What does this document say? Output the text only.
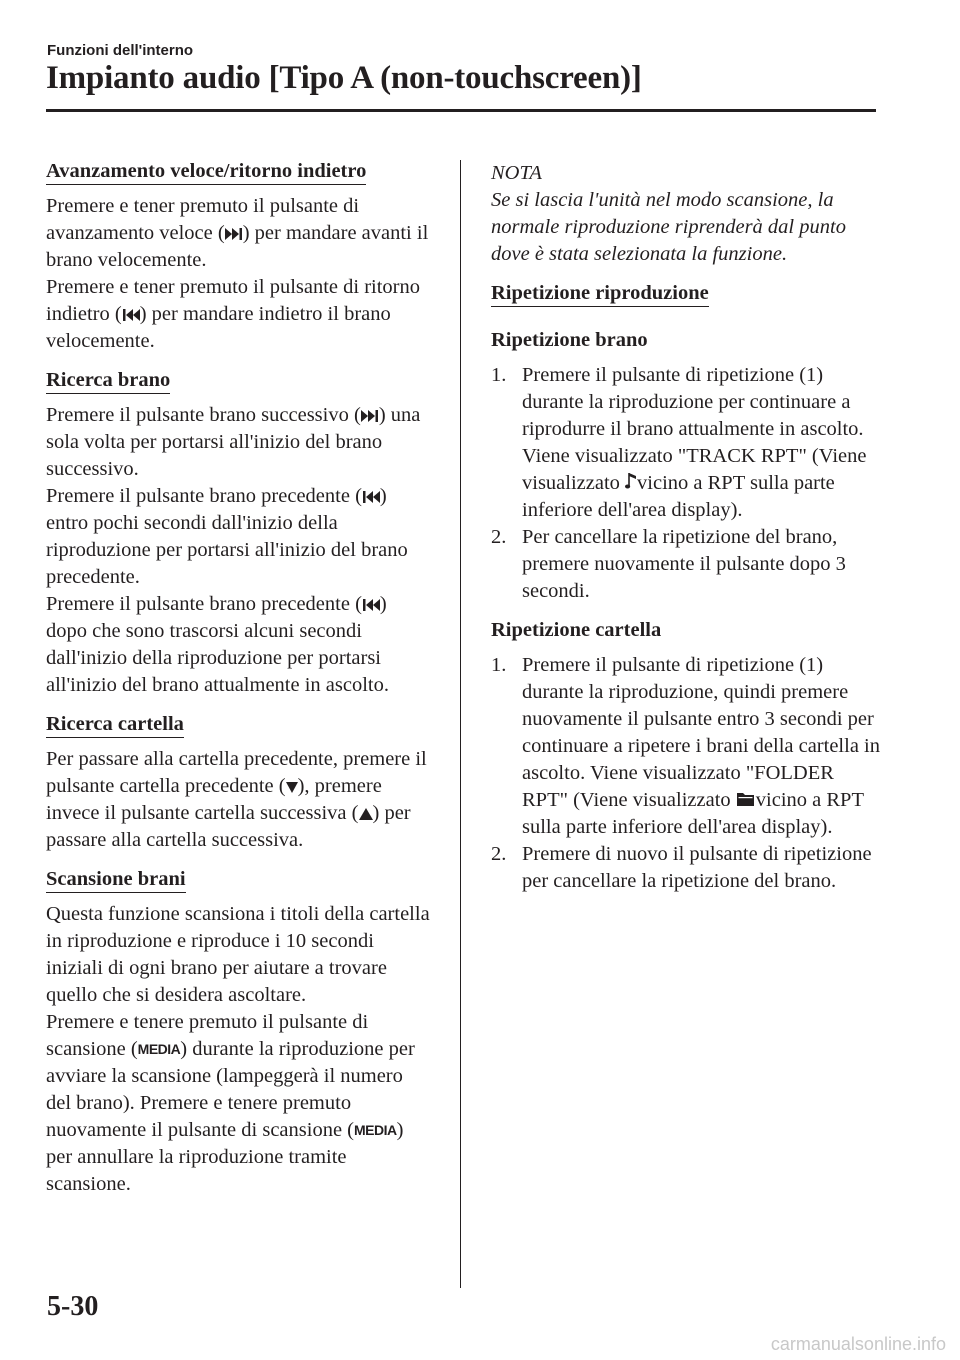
Funzioni dell'interno
Impianto audio [Tipo A (non-touchscreen)]
Avanzamento veloce/ritorno indietro

Premere e tener premuto il pulsante di avanzamento veloce ( ) per mandare avanti il brano velocemente.

Premere e tener premuto il pulsante di ritorno indietro ( ) per mandare indietro il brano velocemente.

Ricerca brano

Premere il pulsante brano successivo ( ) una sola volta per portarsi all'inizio del brano successivo.

Premere il pulsante brano precedente ( ) entro pochi secondi dall'inizio della riproduzione per portarsi all'inizio del brano precedente.

Premere il pulsante brano precedente ( ) dopo che sono trascorsi alcuni secondi dall'inizio della riproduzione per portarsi all'inizio del brano attualmente in ascolto.

Ricerca cartella

Per passare alla cartella precedente, premere il pulsante cartella precedente ( ), premere invece il pulsante cartella successiva ( ) per passare alla cartella successiva.

Scansione brani

Questa funzione scansiona i titoli della cartella in riproduzione e riproduce i 10 secondi iniziali di ogni brano per aiutare a trovare quello che si desidera ascoltare.

Premere e tenere premuto il pulsante di scansione (MEDIA) durante la riproduzione per avviare la scansione (lampeggerà il numero del brano). Premere e tenere premuto nuovamente il pulsante di scansione (MEDIA) per annullare la riproduzione tramite scansione.

NOTA

Se si lascia l'unità nel modo scansione, la normale riproduzione riprenderà dal punto dove è stata selezionata la funzione.

Ripetizione riproduzione
Ripetizione brano
1. Premere il pulsante di ripetizione (1) durante la riproduzione per continuare a riprodurre il brano attualmente in ascolto. Viene visualizzato "TRACK RPT" (Viene visualizzato vicino a RPT sulla parte inferiore dell'area display).
2. Per cancellare la ripetizione del brano, premere nuovamente il pulsante dopo 3 secondi.
Ripetizione cartella
1. Premere il pulsante di ripetizione (1) durante la riproduzione, quindi premere nuovamente il pulsante entro 3 secondi per continuare a ripetere i brani della cartella in ascolto. Viene visualizzato "FOLDER RPT" (Viene visualizzato vicino a RPT sulla parte inferiore dell'area display).
2. Premere di nuovo il pulsante di ripetizione per cancellare la ripetizione del brano.
5-30
carmanualsonline.info
